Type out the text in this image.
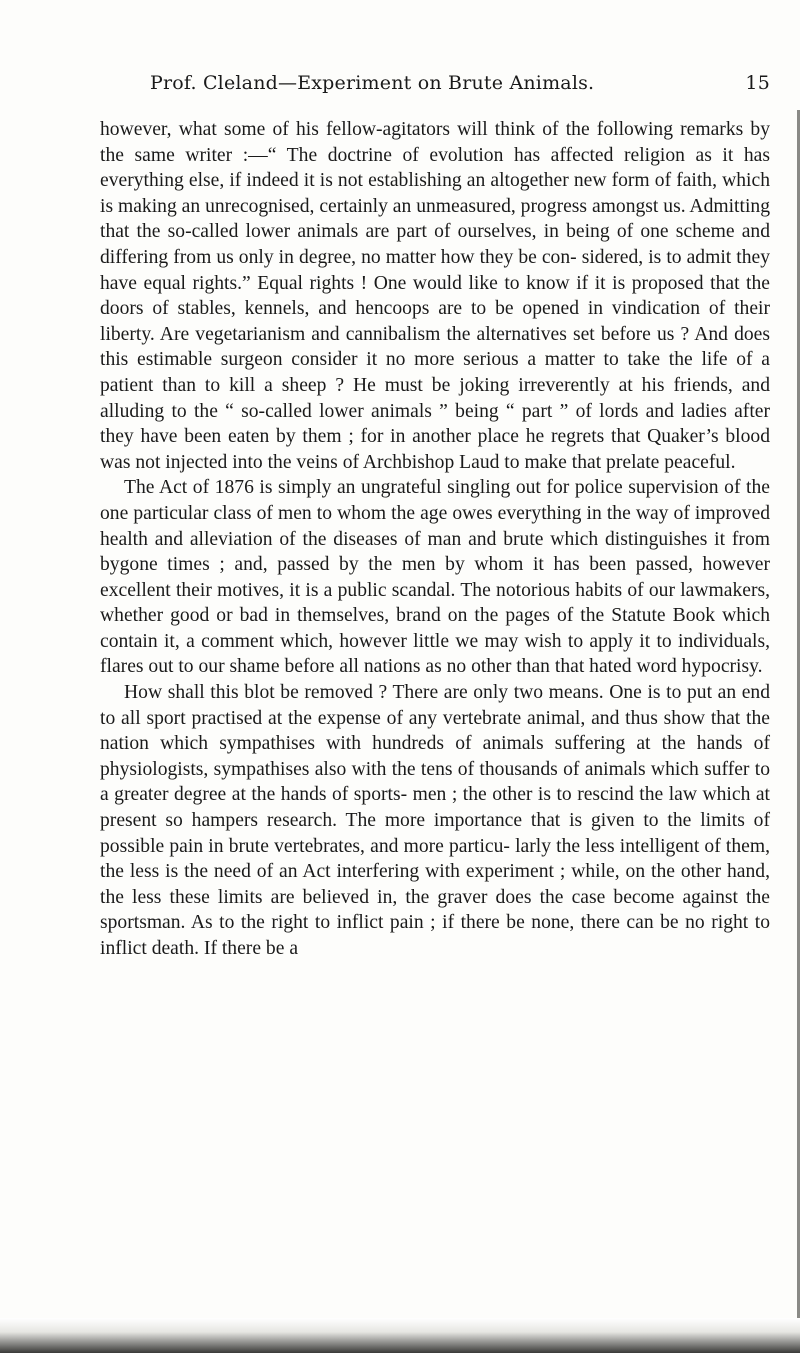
Prof. Cleland—Experiment on Brute Animals.	15

however, what some of his fellow-agitators will think of the following remarks by the same writer :—“ The doctrine of evolution has affected religion as it has everything else, if indeed it is not establishing an altogether new form of faith, which is making an unrecognised, certainly an unmeasured, progress amongst us. Admitting that the so-called lower animals are part of ourselves, in being of one scheme and differing from us only in degree, no matter how they be con- sidered, is to admit they have equal rights.” Equal rights ! One would like to know if it is proposed that the doors of stables, kennels, and hencoops are to be opened in vindication of their liberty. Are vegetarianism and cannibalism the alternatives set before us ? And does this estimable surgeon consider it no more serious a matter to take the life of a patient than to kill a sheep ? He must be joking irreverently at his friends, and alluding to the “ so-called lower animals ” being “ part ” of lords and ladies after they have been eaten by them ; for in another place he regrets that Quaker’s blood was not injected into the veins of Archbishop Laud to make that prelate peaceful.

The Act of 1876 is simply an ungrateful singling out for police supervision of the one particular class of men to whom the age owes everything in the way of improved health and alleviation of the diseases of man and brute which distinguishes it from bygone times ; and, passed by the men by whom it has been passed, however excellent their motives, it is a public scandal. The notorious habits of our lawmakers, whether good or bad in themselves, brand on the pages of the Statute Book which contain it, a comment which, however little we may wish to apply it to individuals, flares out to our shame before all nations as no other than that hated word hypocrisy.

How shall this blot be removed ? There are only two means. One is to put an end to all sport practised at the expense of any vertebrate animal, and thus show that the nation which sympathises with hundreds of animals suffering at the hands of physiologists, sympathises also with the tens of thousands of animals which suffer to a greater degree at the hands of sports- men ; the other is to rescind the law which at present so hampers research. The more importance that is given to the limits of possible pain in brute vertebrates, and more particu- larly the less intelligent of them, the less is the need of an Act interfering with experiment ; while, on the other hand, the less these limits are believed in, the graver does the case become against the sportsman. As to the right to inflict pain ; if there be none, there can be no right to inflict death. If there be a
